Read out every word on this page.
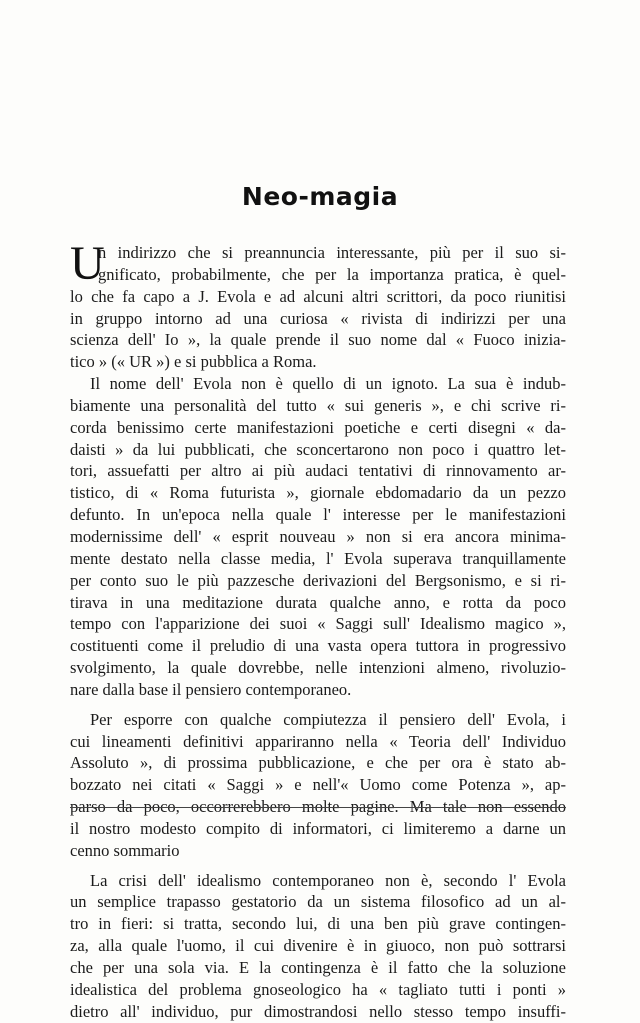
Neo-magia
U
n indirizzo che si preannuncia interessante, più per il suo si-
gnificato, probabilmente, che per la importanza pratica, è quel-
lo che fa capo a J. Evola e ad alcuni altri scrittori, da poco riunitisi
in gruppo intorno ad una curiosa « rivista di indirizzi per una
scienza dell' Io », la quale prende il suo nome dal « Fuoco inizia-
tico » (« UR ») e si pubblica a Roma.
Il nome dell' Evola non è quello di un ignoto. La sua è indub-
biamente una personalità del tutto « sui generis », e chi scrive ri-
corda benissimo certe manifestazioni poetiche e certi disegni « da-
daisti » da lui pubblicati, che sconcertarono non poco i quattro let-
tori, assuefatti per altro ai più audaci tentativi di rinnovamento ar-
tistico, di « Roma futurista », giornale ebdomadario da un pezzo
defunto. In un'epoca nella quale l' interesse per le manifestazioni
modernissime dell' « esprit nouveau » non si era ancora minima-
mente destato nella classe media, l' Evola superava tranquillamente
per conto suo le più pazzesche derivazioni del Bergsonismo, e si ri-
tirava in una meditazione durata qualche anno, e rotta da poco
tempo con l'apparizione dei suoi « Saggi sull' Idealismo magico »,
costituenti come il preludio di una vasta opera tuttora in progressivo
svolgimento, la quale dovrebbe, nelle intenzioni almeno, rivoluzio-
nare dalla base il pensiero contemporaneo.
Per esporre con qualche compiutezza il pensiero dell' Evola, i
cui lineamenti definitivi appariranno nella « Teoria dell' Individuo
Assoluto », di prossima pubblicazione, e che per ora è stato ab-
bozzato nei citati « Saggi » e nell'« Uomo come Potenza », ap-
parso da poco, occorrerebbero molte pagine. Ma tale non essendo
il nostro modesto compito di informatori, ci limiteremo a darne un
cenno sommario
La crisi dell' idealismo contemporaneo non è, secondo l' Evola
un semplice trapasso gestatorio da un sistema filosofico ad un al-
tro in fieri: si tratta, secondo lui, di una ben più grave contingen-
za, alla quale l'uomo, il cui divenire è in giuoco, non può sottrarsi
che per una sola via. E la contingenza è il fatto che la soluzione
idealistica del problema gnoseologico ha « tagliato tutti i ponti »
dietro all' individuo, pur dimostrandosi nello stesso tempo insuffi-
